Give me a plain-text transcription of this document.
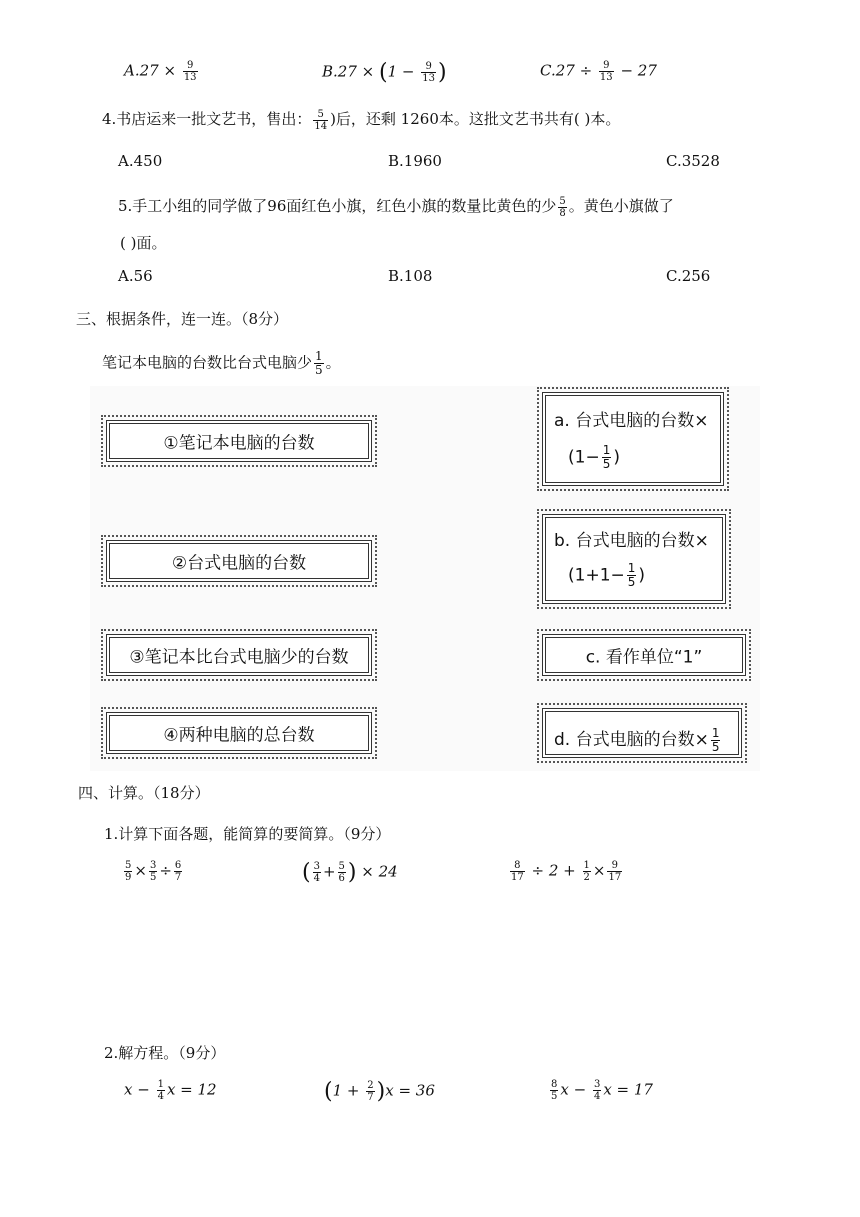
$A.27 \times \frac{9}{13}$	$B.27 \times (1 - \frac{9}{13}$ )	$C.27 \div \frac{9}{13} - 27$
4.书店运来一批文艺书，售出： $\frac{5}{14}$ )后，还剩 1260本。这批文艺书共有( )本。
A.450	B.1960	C.3528
5.手工小组的同学做了96面红色小旗，红色小旗的数量比黄色的少 $\frac{5}{8}$ 。黄色小旗做了
( )面。
A.56	B.108	C.256
三、根据条件，连一连。（8分）
笔记本电脑的台数比台式电脑少 $\frac{1}{5}$ 。
①笔记本电脑的台数
②台式电脑的台数
③笔记本比台式电脑少的台数
④两种电脑的总台数
a. 台式电脑的台数×
($1- \frac{1}{5}$ )
b. 台式电脑的台数×
($1+1- \frac{1}{5}$ )
c. 看作单位“1”
d. 台式电脑的台数× $\frac{1}{5}$
四、计算。（18分）
1.计算下面各题，能简算的要简算。（9分）
$\frac{5}{9} \times \frac{3}{5} \div \frac{6}{7}$	( $\frac{3}{4} + \frac{5}{6}$ ) × 24	$\frac{8}{17} \div 2 + \frac{1}{2} \times \frac{9}{17}$
2.解方程。（9分）
$x - \frac{1}{4}$ x = 12	$(1 + \frac{2}{7} )x = 36$	$\frac{8}{5}$ $x - \frac{3}{4}$ x = 17
